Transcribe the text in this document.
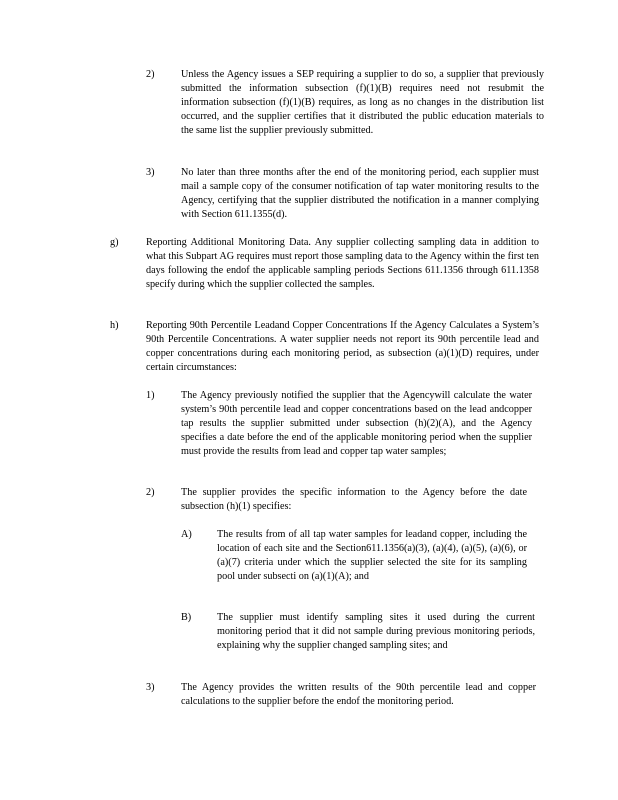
2)	Unless the Agency issues a SEP requiring a supplier to do so, a supplier that previously submitted the information subsection (f)(1)(B) requires need not resubmit the information subsection (f)(1)(B) requires, as long as no changes in the distribution list occurred, and the supplier certifies that it distributed the public education materials to the same list the supplier previously submitted.

3)	No later than three months after the end of the monitoring period, each supplier must mail a sample copy of the consumer notification of tap water monitoring results to the Agency, certifying that the supplier distributed the notification in a manner complying with Section 611.1355(d).

g)	Reporting Additional Monitoring Data. Any supplier collecting sampling data in addition to what this Subpart AG requires must report those sampling data to the Agency within the first ten days following the endof the applicable sampling periods Sections 611.1356 through 611.1358 specify during which the supplier collected the samples.

h)	Reporting 90th Percentile Leadand Copper Concentrations If the Agency Calculates a System’s 90th Percentile Concentrations. A water supplier needs not report its 90th percentile lead and copper concentrations during each monitoring period, as subsection (a)(1)(D) requires, under certain circumstances:

1)	The Agency previously notified the supplier that the Agencywill calculate the water system’s 90th percentile lead and copper concentrations based on the lead andcopper tap results the supplier submitted under subsection (h)(2)(A), and the Agency specifies a date before the end of the applicable monitoring period when the supplier must provide the results from lead and copper tap water samples;

2)	The supplier provides the specific information to the Agency before the date subsection (h)(1) specifies:

A) The results from of all tap water samples for leadand copper, including the location of each site and the Section611.1356(a)(3), (a)(4), (a)(5), (a)(6), or (a)(7) criteria under which the supplier selected the site for its sampling pool under subsecti on (a)(1)(A); and

B)	The supplier must identify sampling sites it used during the current monitoring period that it did not sample during previous monitoring periods, explaining why the supplier changed sampling sites; and

3)	The Agency provides the written results of the 90th percentile lead and copper calculations to the supplier before the endof the monitoring period.
